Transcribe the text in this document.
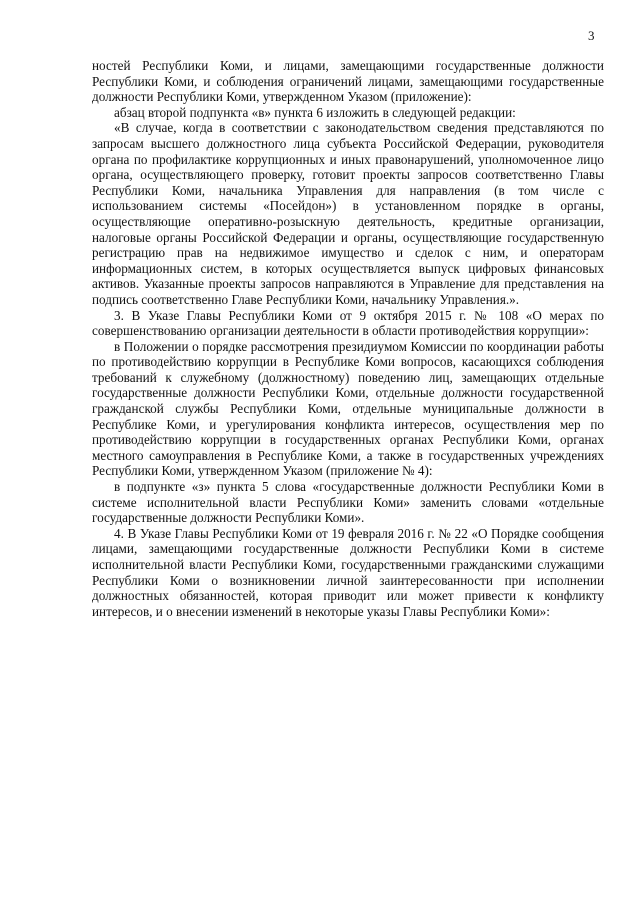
3

ностей Республики Коми, и лицами, замещающими государственные должности Республики Коми, и соблюдения ограничений лицами, замещающими государственные должности Республики Коми, утвержденном Указом (приложение):

абзац второй подпункта «в» пункта 6 изложить в следующей редакции:

«В случае, когда в соответствии с законодательством сведения представляются по запросам высшего должностного лица субъекта Российской Федерации, руководителя органа по профилактике коррупционных и иных правонарушений, уполномоченное лицо органа, осуществляющего проверку, готовит проекты запросов соответственно Главы Республики Коми, начальника Управления для направления (в том числе с использованием системы «Посейдон») в установленном порядке в органы, осуществляющие оперативно-розыскную деятельность, кредитные организации, налоговые органы Российской Федерации и органы, осуществляющие государственную регистрацию прав на недвижимое имущество и сделок с ним, и операторам информационных систем, в которых осуществляется выпуск цифровых финансовых активов. Указанные проекты запросов направляются в Управление для представления на подпись соответственно Главе Республики Коми, начальнику Управления.».

3. В Указе Главы Республики Коми от 9 октября 2015 г. № 108 «О мерах по совершенствованию организации деятельности в области противодействия коррупции»:

в Положении о порядке рассмотрения президиумом Комиссии по координации работы по противодействию коррупции в Республике Коми вопросов, касающихся соблюдения требований к служебному (должностному) поведению лиц, замещающих отдельные государственные должности Республики Коми, отдельные должности государственной гражданской службы Республики Коми, отдельные муниципальные должности в Республике Коми, и урегулирования конфликта интересов, осуществления мер по противодействию коррупции в государственных органах Республики Коми, органах местного самоуправления в Республике Коми, а также в государственных учреждениях Республики Коми, утвержденном Указом (приложение № 4):

в подпункте «з» пункта 5 слова «государственные должности Республики Коми в системе исполнительной власти Республики Коми» заменить словами «отдельные государственные должности Республики Коми».

4. В Указе Главы Республики Коми от 19 февраля 2016 г. № 22 «О Порядке сообщения лицами, замещающими государственные должности Республики Коми в системе исполнительной власти Республики Коми, государственными гражданскими служащими Республики Коми о возникновении личной заинтересованности при исполнении должностных обязанностей, которая приводит или может привести к конфликту интересов, и о внесении изменений в некоторые указы Главы Республики Коми»:
